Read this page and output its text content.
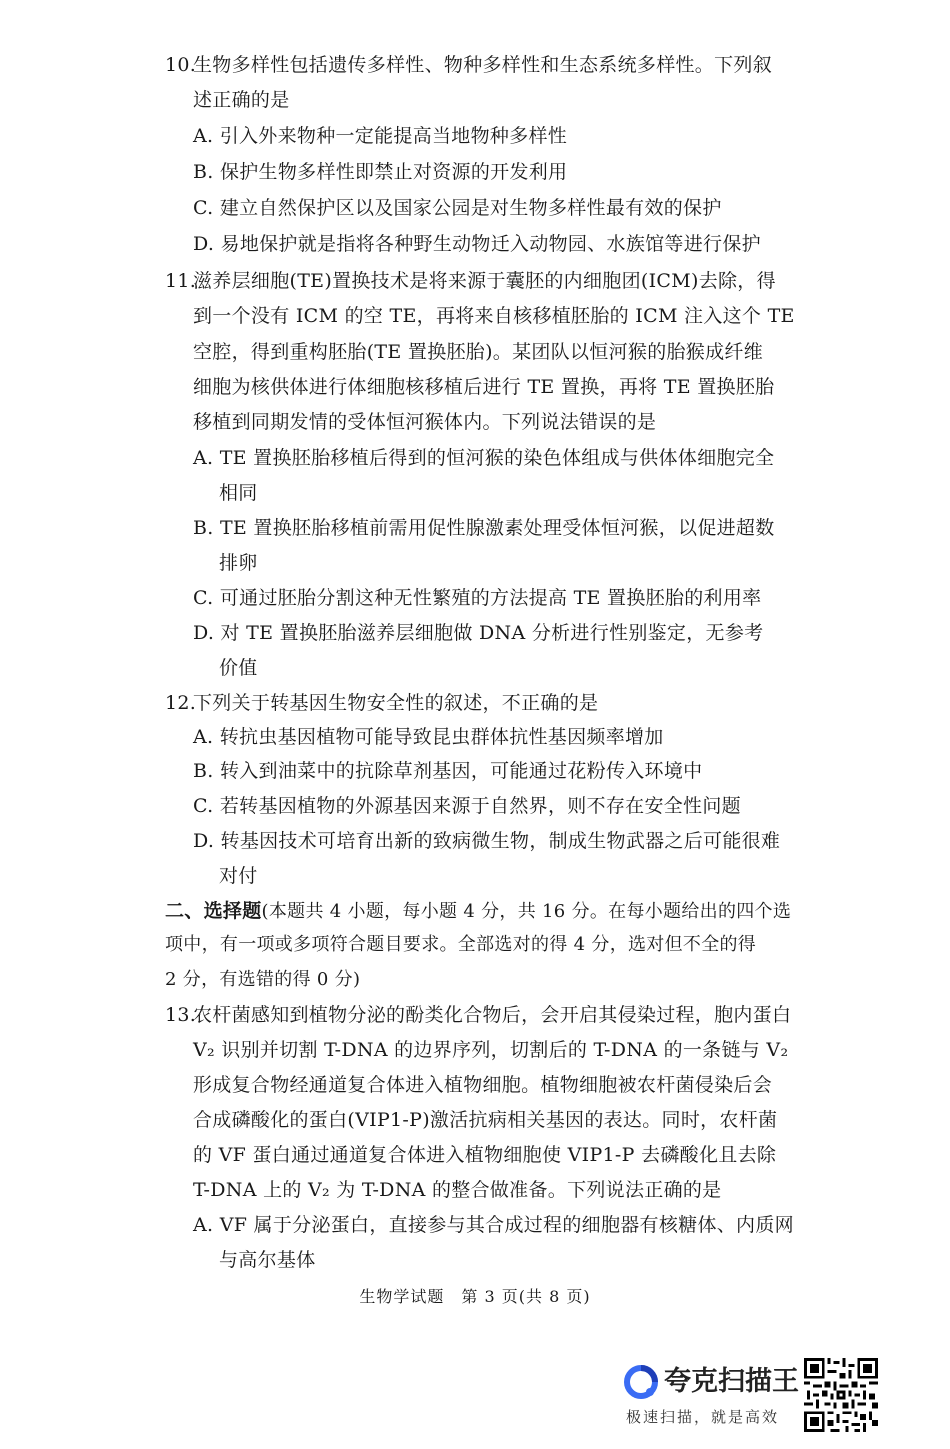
10.
生物多样性包括遗传多样性、物种多样性和生态系统多样性。下列叙
述正确的是
A. 引入外来物种一定能提高当地物种多样性
B. 保护生物多样性即禁止对资源的开发利用
C. 建立自然保护区以及国家公园是对生物多样性最有效的保护
D. 易地保护就是指将各种野生动物迁入动物园、水族馆等进行保护
11.
滋养层细胞(TE)置换技术是将来源于囊胚的内细胞团(ICM)去除，得
到一个没有 ICM 的空 TE，再将来自核移植胚胎的 ICM 注入这个 TE
空腔，得到重构胚胎(TE 置换胚胎)。某团队以恒河猴的胎猴成纤维
细胞为核供体进行体细胞核移植后进行 TE 置换，再将 TE 置换胚胎
移植到同期发情的受体恒河猴体内。下列说法错误的是
A. TE 置换胚胎移植后得到的恒河猴的染色体组成与供体体细胞完全
相同
B. TE 置换胚胎移植前需用促性腺激素处理受体恒河猴，以促进超数
排卵
C. 可通过胚胎分割这种无性繁殖的方法提高 TE 置换胚胎的利用率
D. 对 TE 置换胚胎滋养层细胞做 DNA 分析进行性别鉴定，无参考
价值
12.
下列关于转基因生物安全性的叙述，不正确的是
A. 转抗虫基因植物可能导致昆虫群体抗性基因频率增加
B. 转入到油菜中的抗除草剂基因，可能通过花粉传入环境中
C. 若转基因植物的外源基因来源于自然界，则不存在安全性问题
D. 转基因技术可培育出新的致病微生物，制成生物武器之后可能很难
对付
二、选择题(本题共 4 小题，每小题 4 分，共 16 分。在每小题给出的四个选
项中，有一项或多项符合题目要求。全部选对的得 4 分，选对但不全的得
2 分，有选错的得 0 分)
13.
农杆菌感知到植物分泌的酚类化合物后，会开启其侵染过程，胞内蛋白
V₂ 识别并切割 T-DNA 的边界序列，切割后的 T-DNA 的一条链与 V₂
形成复合物经通道复合体进入植物细胞。植物细胞被农杆菌侵染后会
合成磷酸化的蛋白(VIP1-P)激活抗病相关基因的表达。同时，农杆菌
的 VF 蛋白通过通道复合体进入植物细胞使 VIP1-P 去磷酸化且去除
T-DNA 上的 V₂ 为 T-DNA 的整合做准备。下列说法正确的是
A. VF 属于分泌蛋白，直接参与其合成过程的细胞器有核糖体、内质网
与高尔基体
生物学试题　第 3 页(共 8 页)
夸克扫描王
极速扫描，就是高效
